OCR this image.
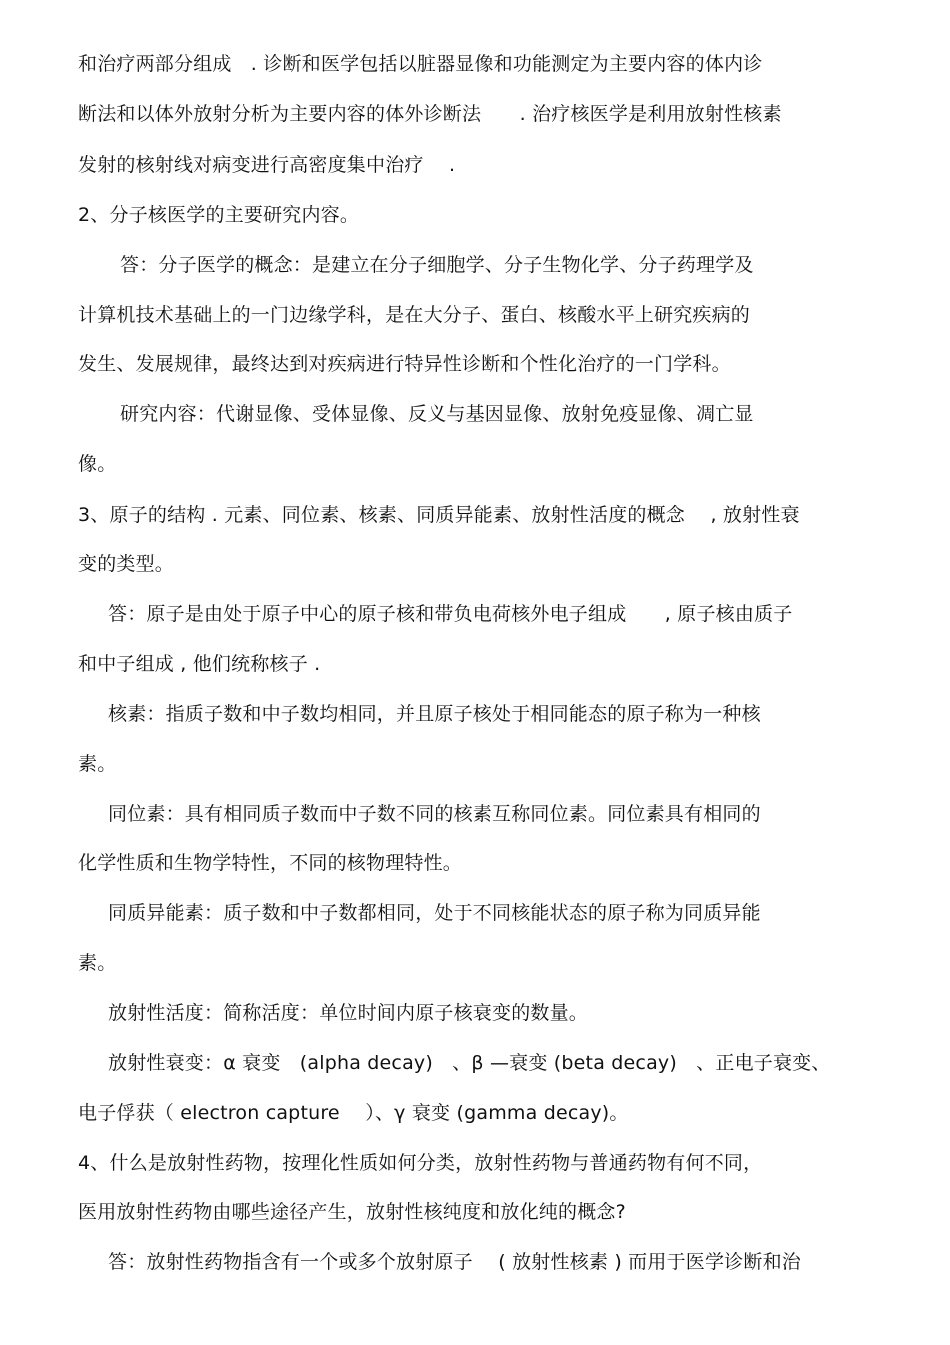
和治疗两部分组成　. 诊断和医学包括以脏器显像和功能测定为主要内容的体内诊
断法和以体外放射分析为主要内容的体外诊断法　　. 治疗核医学是利用放射性核素
发射的核射线对病变进行高密度集中治疗　 .
2、分子核医学的主要研究内容。
答：分子医学的概念：是建立在分子细胞学、分子生物化学、分子药理学及
计算机技术基础上的一门边缘学科，是在大分子、蛋白、核酸水平上研究疾病的
发生、发展规律，最终达到对疾病进行特异性诊断和个性化治疗的一门学科。
研究内容：代谢显像、受体显像、反义与基因显像、放射免疫显像、凋亡显
像。
3、原子的结构 . 元素、同位素、核素、同质异能素、放射性活度的概念　 , 放射性衰
变的类型。
答：原子是由处于原子中心的原子核和带负电荷核外电子组成　　, 原子核由质子
和中子组成 , 他们统称核子 .
核素：指质子数和中子数均相同，并且原子核处于相同能态的原子称为一种核
素。
同位素：具有相同质子数而中子数不同的核素互称同位素。同位素具有相同的
化学性质和生物学特性，不同的核物理特性。
同质异能素：质子数和中子数都相同，处于不同核能状态的原子称为同质异能
素。
放射性活度：简称活度：单位时间内原子核衰变的数量。
放射性衰变：α 衰变　(alpha decay)　、β —衰变 (beta decay)　、正电子衰变、
电子俘获（ electron capture　 ）、γ 衰变 (gamma decay)。
4、什么是放射性药物，按理化性质如何分类，放射性药物与普通药物有何不同，
医用放射性药物由哪些途径产生，放射性核纯度和放化纯的概念?
答：放射性药物指含有一个或多个放射原子　 ( 放射性核素 ) 而用于医学诊断和治
